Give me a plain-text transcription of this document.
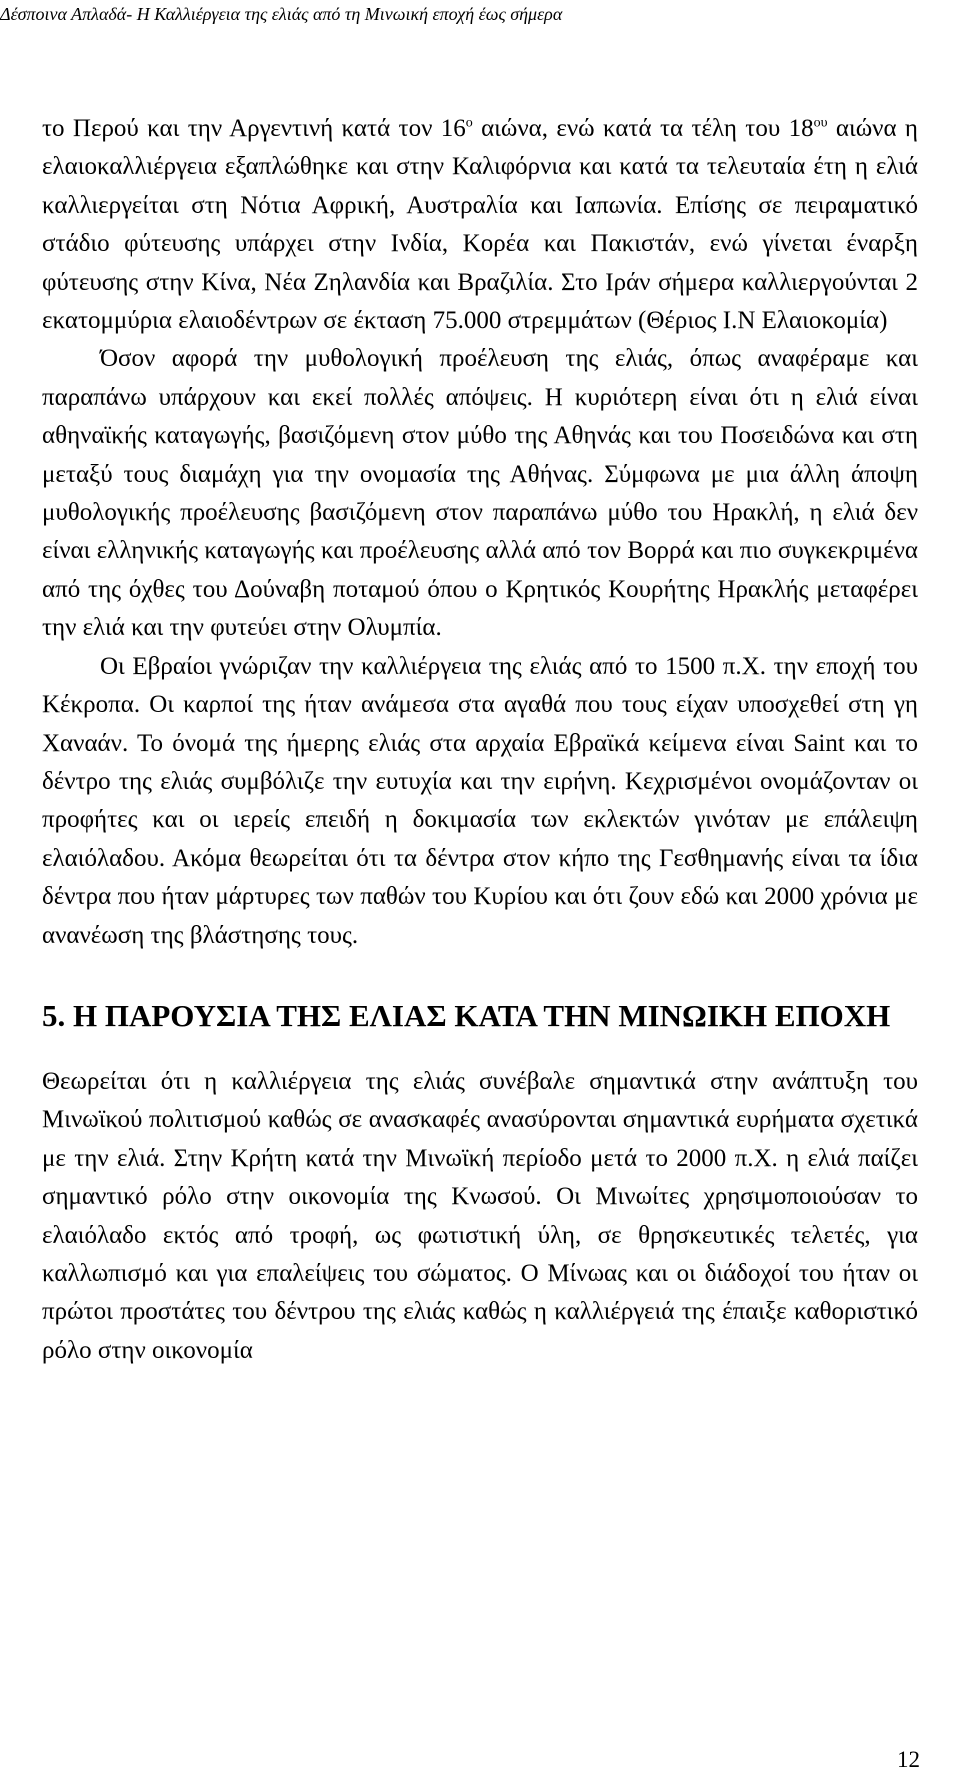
Δέσποινα Απλαδά- Η Καλλιέργεια της ελιάς από τη Μινωική εποχή έως σήμερα

το Περού και την Αργεντινή κατά τον $16^o$ αιώνα, ενώ κατά τα τέλη του $18^{o\upsilon}$ αιώνα η ελαιοκαλλιέργεια εξαπλώθηκε και στην Καλιφόρνια και κατά τα τελευταία έτη η ελιά καλλιεργείται στη Νότια Αφρική, Αυστραλία και Ιαπωνία. Επίσης σε πειραματικό στάδιο φύτευσης υπάρχει στην Ινδία, Κορέα και Πακιστάν, ενώ γίνεται έναρξη φύτευσης στην Κίνα, Νέα Ζηλανδία και Βραζιλία. Στο Ιράν σήμερα καλλιεργούνται 2 εκατομμύρια ελαιοδέντρων σε έκταση 75.000 στρεμμάτων (Θέριος Ι.Ν Ελαιοκομία)

Όσον αφορά την μυθολογική προέλευση της ελιάς, όπως αναφέραμε και παραπάνω υπάρχουν και εκεί πολλές απόψεις. Η κυριότερη είναι ότι η ελιά είναι αθηναϊκής καταγωγής, βασιζόμενη στον μύθο της Αθηνάς και του Ποσειδώνα και στη μεταξύ τους διαμάχη για την ονομασία της Αθήνας. Σύμφωνα με μια άλλη άποψη μυθολογικής προέλευσης βασιζόμενη στον παραπάνω μύθο του Ηρακλή, η ελιά δεν είναι ελληνικής καταγωγής και προέλευσης αλλά από τον Βορρά και πιο συγκεκριμένα από της όχθες του Δούναβη ποταμού όπου ο Κρητικός Κουρήτης Ηρακλής μεταφέρει την ελιά και την φυτεύει στην Ολυμπία.

Οι Εβραίοι γνώριζαν την καλλιέργεια της ελιάς από το 1500 π.Χ. την εποχή του Κέκροπα. Οι καρποί της ήταν ανάμεσα στα αγαθά που τους είχαν υποσχεθεί στη γη Χαναάν. Το όνομά της ήμερης ελιάς στα αρχαία Εβραϊκά κείμενα είναι Saint και το δέντρο της ελιάς συμβόλιζε την ευτυχία και την ειρήνη. Κεχρισμένοι ονομάζονταν οι προφήτες και οι ιερείς επειδή η δοκιμασία των εκλεκτών γινόταν με επάλειψη ελαιόλαδου. Ακόμα θεωρείται ότι τα δέντρα στον κήπο της Γεσθημανής είναι τα ίδια δέντρα που ήταν μάρτυρες των παθών του Κυρίου και ότι ζουν εδώ και 2000 χρόνια με ανανέωση της βλάστησης τους.

5. Η ΠΑΡΟΥΣΙΑ ΤΗΣ ΕΛΙΑΣ ΚΑΤΑ ΤΗΝ ΜΙΝΩΙΚΗ ΕΠΟΧΗ

Θεωρείται ότι η καλλιέργεια της ελιάς συνέβαλε σημαντικά στην ανάπτυξη του Μινωϊκού πολιτισμού καθώς σε ανασκαφές ανασύρονται σημαντικά ευρήματα σχετικά με την ελιά. Στην Κρήτη κατά την Μινωϊκή περίοδο μετά το 2000 π.Χ. η ελιά παίζει σημαντικό ρόλο στην οικονομία της Κνωσού. Οι Μινωίτες χρησιμοποιούσαν το ελαιόλαδο εκτός από τροφή, ως φωτιστική ύλη, σε θρησκευτικές τελετές, για καλλωπισμό και για επαλείψεις του σώματος. Ο Μίνωας και οι διάδοχοί του ήταν οι πρώτοι προστάτες του δέντρου της ελιάς καθώς η καλλιέργειά της έπαιξε καθοριστικό ρόλο στην οικονομία

12
